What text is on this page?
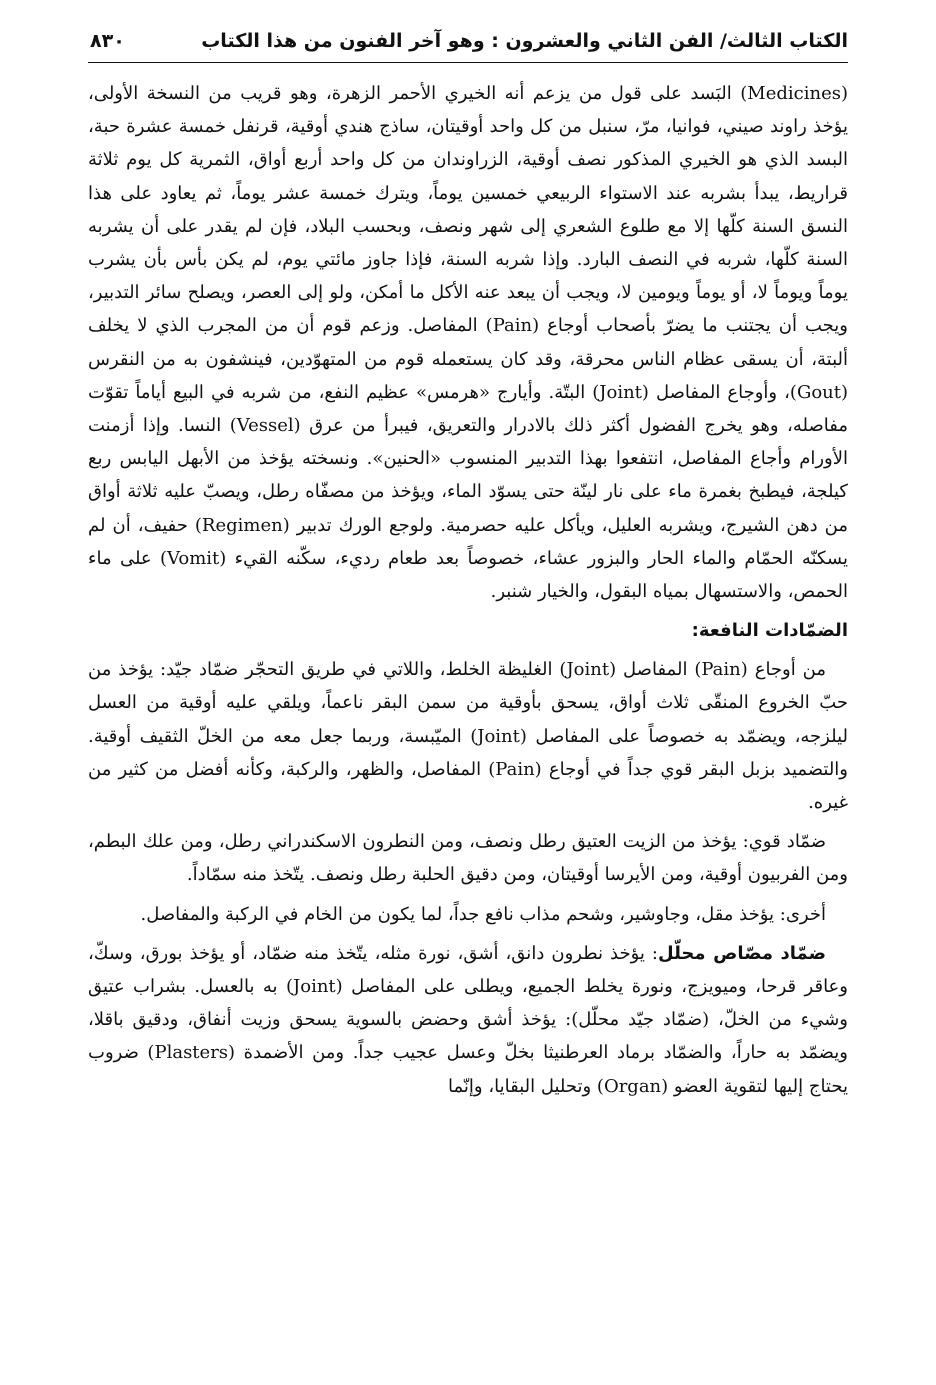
الكتاب الثالث/ الفن الثاني والعشرون : وهو آخر الفنون من هذا الكتاب
٨٣٠

(Medicines) البَسد على قول من يزعم أنه الخيري الأحمر الزهرة، وهو قريب من النسخة الأولى، يؤخذ راوند صيني، فوانيا، مرّ، سنبل من كل واحد أوقيتان، ساذج هندي أوقية، قرنفل خمسة عشرة حبة، البسد الذي هو الخيري المذكور نصف أوقية، الزراوندان من كل واحد أربع أواق، الثمرية كل يوم ثلاثة قراريط، يبدأ بشربه عند الاستواء الربيعي خمسين يوماً، ويترك خمسة عشر يوماً، ثم يعاود على هذا النسق السنة كلّها إلا مع طلوع الشعري إلى شهر ونصف، وبحسب البلاد، فإن لم يقدر على أن يشربه السنة كلّها، شربه في النصف البارد. وإذا شربه السنة، فإذا جاوز مائتي يوم، لم يكن بأس بأن يشرب يوماً ويوماً لا، أو يوماً ويومين لا، ويجب أن يبعد عنه الأكل ما أمكن، ولو إلى العصر، ويصلح سائر التدبير، ويجب أن يجتنب ما يضرّ بأصحاب أوجاع (Pain) المفاصل. وزعم قوم أن من المجرب الذي لا يخلف ألبتة، أن يسقى عظام الناس محرقة، وقد كان يستعمله قوم من المتهوّدين، فينشفون به من النقرس (Gout)، وأوجاع المفاصل (Joint) البتّة. وأيارج «هرمس» عظيم النفع، من شربه في البيع أياماً تقوّت مفاصله، وهو يخرج الفضول أكثر ذلك بالادرار والتعريق، فيبرأ من عرق (Vessel) النسا. وإذا أزمنت الأورام وأجاع المفاصل، انتفعوا بهذا التدبير المنسوب «الحنين». ونسخته يؤخذ من الأبهل اليابس ربع كيلجة، فيطبخ بغمرة ماء على نار لينّة حتى يسوّد الماء، ويؤخذ من مصفّاه رطل، ويصبّ عليه ثلاثة أواق من دهن الشيرج، ويشربه العليل، ويأكل عليه حصرمية. ولوجع الورك تدبير (Regimen) حفيف، أن لم يسكنّه الحمّام والماء الحار والبزور عشاء، خصوصاً بعد طعام رديء، سكّنه القيء (Vomit) على ماء الحمص، والاستسهال بمياه البقول، والخيار شنبر.

الضمّادات النافعة:

من أوجاع (Pain) المفاصل (Joint) الغليظة الخلط، واللاتي في طريق التحجّر ضمّاد جيّد: يؤخذ من حبّ الخروع المنقّى ثلاث أواق، يسحق بأوقية من سمن البقر ناعماً، ويلقي عليه أوقية من العسل ليلزجه، ويضمّد به خصوصاً على المفاصل (Joint) الميّبسة، وربما جعل معه من الخلّ الثقيف أوقية. والتضميد بزبل البقر قوي جداً في أوجاع (Pain) المفاصل، والظهر، والركبة، وكأنه أفضل من كثير من غيره.

ضمّاد قوي: يؤخذ من الزيت العتيق رطل ونصف، ومن النطرون الاسكندراني رطل، ومن علك البطم، ومن الفربيون أوقية، ومن الأيرسا أوقيتان، ومن دقيق الحلبة رطل ونصف. يتّخذ منه سمّاداً.

أخرى: يؤخذ مقل، وجاوشير، وشحم مذاب نافع جداً، لما يكون من الخام في الركبة والمفاصل.

ضمّاد مصّاص محلّل: يؤخذ نطرون دانق، أشق، نورة مثله، يتّخذ منه ضمّاد، أو يؤخذ بورق، وسكّ، وعاقر قرحا، وميويزج، ونورة يخلط الجميع، ويطلى على المفاصل (Joint) به بالعسل. بشراب عتيق وشيء من الخلّ، (ضمّاد جيّد محلّل): يؤخذ أشق وحضض بالسوية يسحق وزيت أنفاق، ودقيق باقلا، ويضمّد به حاراً، والضمّاد برماد العرطنيثا بخلّ وعسل عجيب جداً. ومن الأضمدة (Plasters) ضروب يحتاج إليها لتقوية العضو (Organ) وتحليل البقايا، وإنّما
